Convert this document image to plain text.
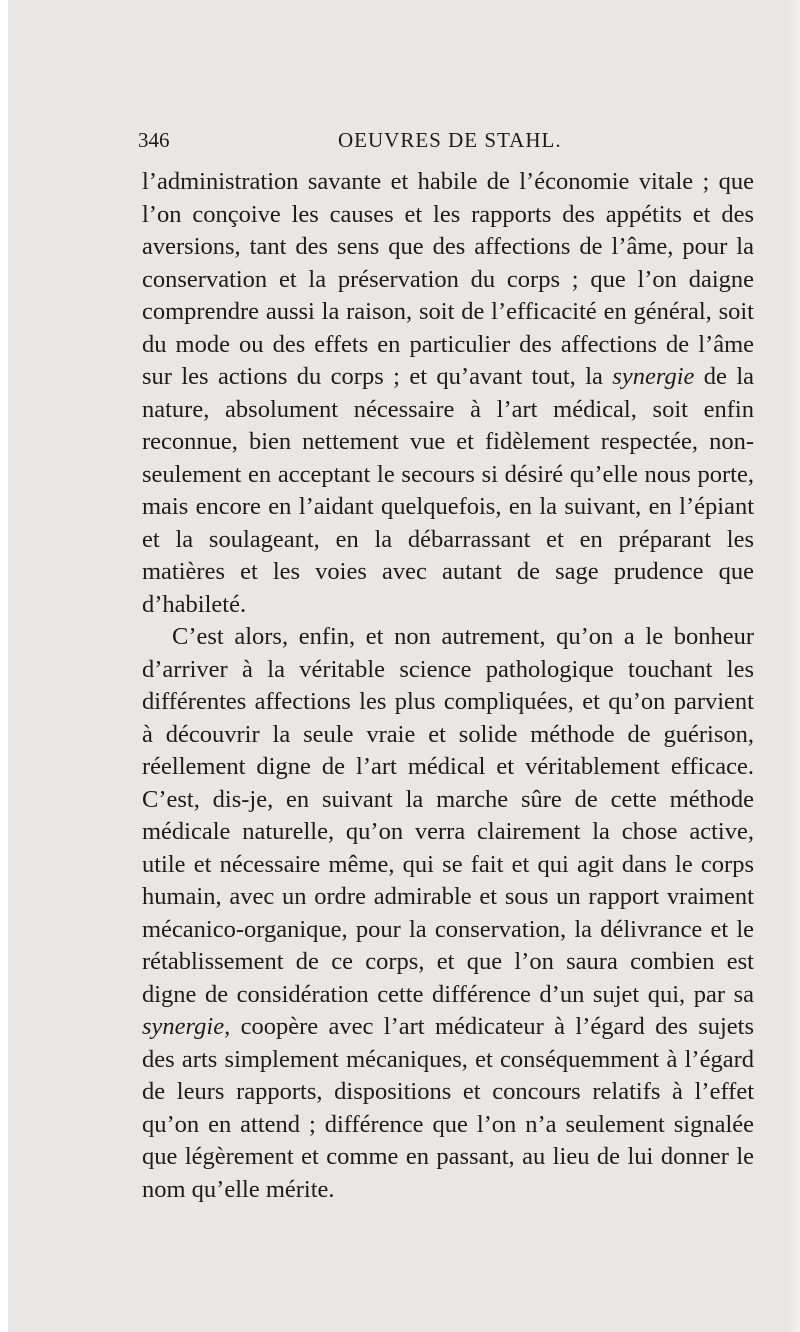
346	OEUVRES DE STAHL.

l’administration savante et habile de l’économie vitale ; que l’on conçoive les causes et les rapports des appétits et des aversions, tant des sens que des affections de l’âme, pour la conservation et la préservation du corps ; que l’on daigne comprendre aussi la raison, soit de l’efficacité en général, soit du mode ou des effets en particulier des affections de l’âme sur les actions du corps ; et qu’avant tout, la synergie de la nature, absolument nécessaire à l’art médical, soit enfin reconnue, bien nettement vue et fidèlement respectée, non-seulement en acceptant le secours si désiré qu’elle nous porte, mais encore en l’aidant quelquefois, en la suivant, en l’épiant et la soulageant, en la débarrassant et en préparant les matières et les voies avec autant de sage prudence que d’habileté.

C’est alors, enfin, et non autrement, qu’on a le bonheur d’arriver à la véritable science pathologique touchant les différentes affections les plus compliquées, et qu’on parvient à découvrir la seule vraie et solide méthode de guérison, réellement digne de l’art médical et véritablement efficace. C’est, dis-je, en suivant la marche sûre de cette méthode médicale naturelle, qu’on verra clairement la chose active, utile et nécessaire même, qui se fait et qui agit dans le corps humain, avec un ordre admirable et sous un rapport vraiment mécanico-organique, pour la conservation, la délivrance et le rétablissement de ce corps, et que l’on saura combien est digne de considération cette différence d’un sujet qui, par sa synergie, coopère avec l’art médicateur à l’égard des sujets des arts simplement mécaniques, et conséquemment à l’égard de leurs rapports, dispositions et concours relatifs à l’effet qu’on en attend ; différence que l’on n’a seulement signalée que légèrement et comme en passant, au lieu de lui donner le nom qu’elle mérite.
